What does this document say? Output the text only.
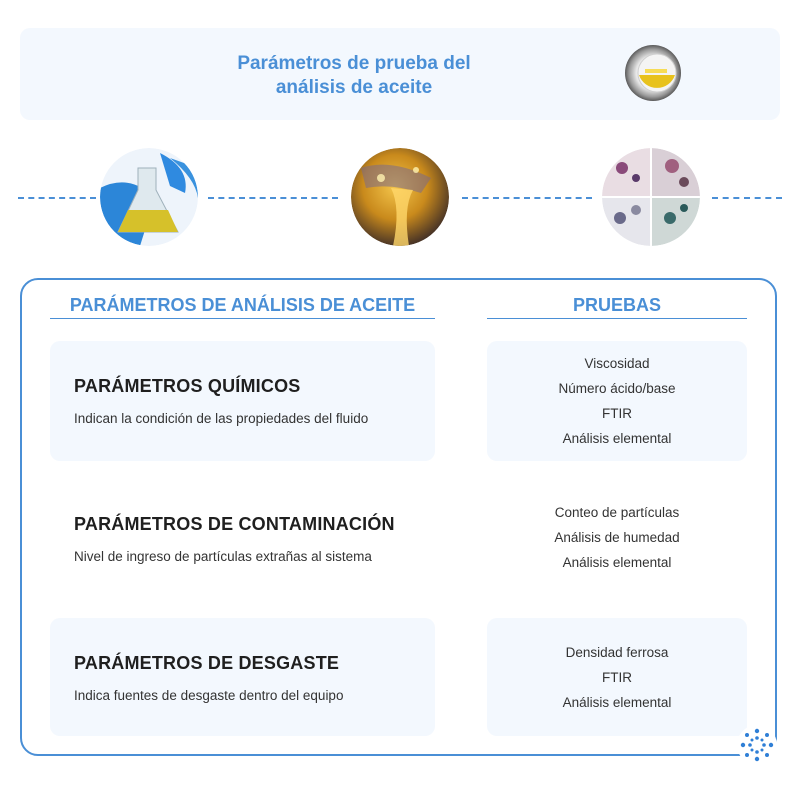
Parámetros de prueba del
análisis de aceite
PARÁMETROS DE ANÁLISIS DE ACEITE	PRUEBAS
PARÁMETROS QUÍMICOS
Indican la condición de las propiedades del fluido
Viscosidad
Número ácido/base
FTIR
Análisis elemental
PARÁMETROS DE CONTAMINACIÓN
Nivel de ingreso de partículas extrañas al sistema
Conteo de partículas
Análisis de humedad
Análisis elemental
PARÁMETROS DE DESGASTE
Indica fuentes de desgaste dentro del equipo
Densidad ferrosa
FTIR
Análisis elemental
